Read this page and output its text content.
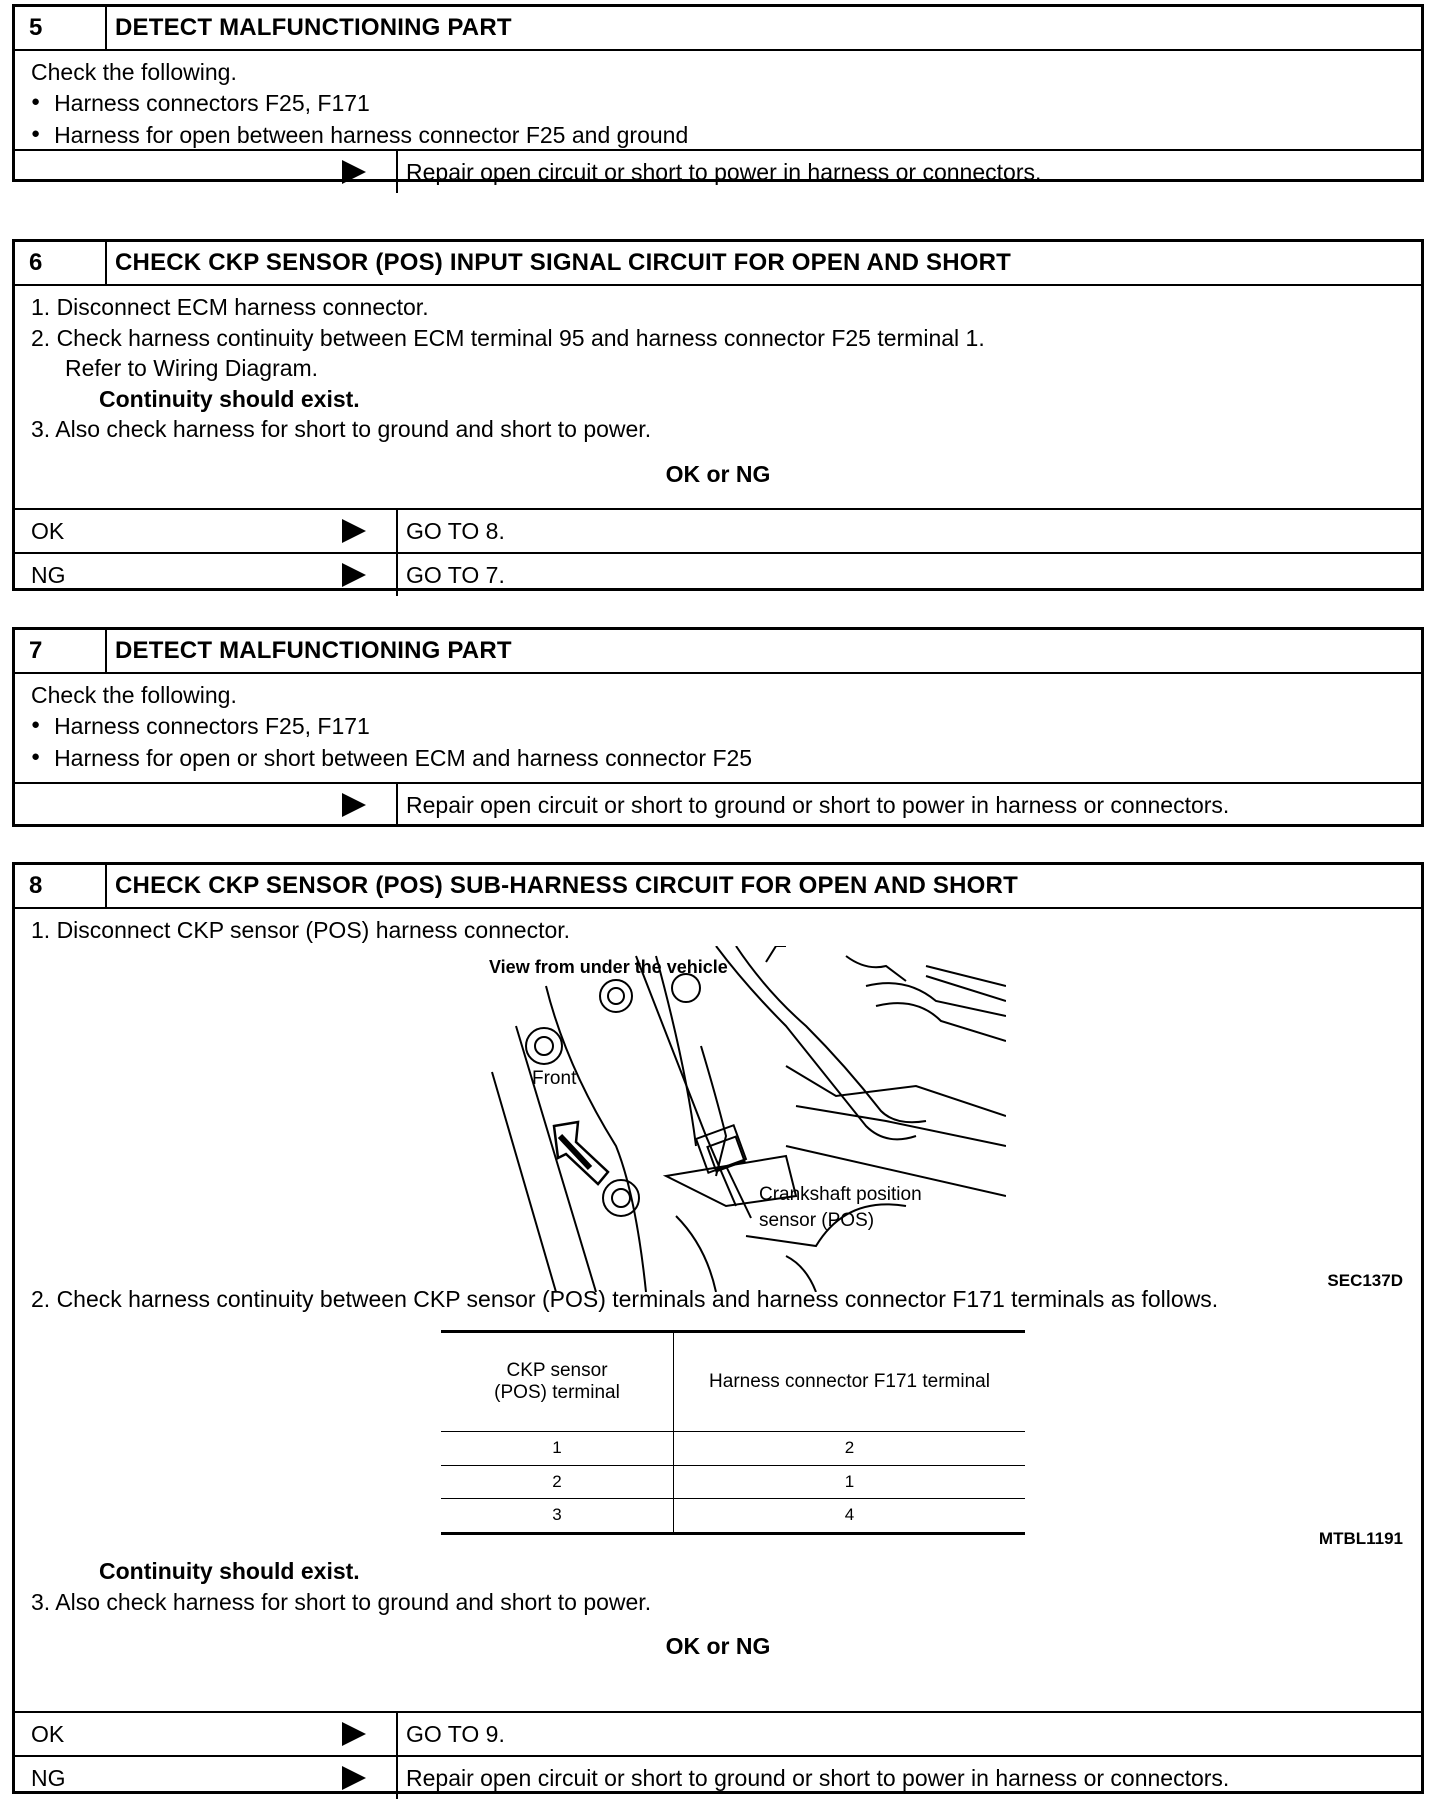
5	DETECT MALFUNCTIONING PART
Check the following.
● Harness connectors F25, F171
● Harness for open between harness connector F25 and ground
Repair open circuit or short to power in harness or connectors.
6	CHECK CKP SENSOR (POS) INPUT SIGNAL CIRCUIT FOR OPEN AND SHORT
1. Disconnect ECM harness connector.
2. Check harness continuity between ECM terminal 95 and harness connector F25 terminal 1.
Refer to Wiring Diagram.
Continuity should exist.
3. Also check harness for short to ground and short to power.
OK or NG
OK	GO TO 8.
NG	GO TO 7.
7	DETECT MALFUNCTIONING PART
Check the following.
● Harness connectors F25, F171
● Harness for open or short between ECM and harness connector F25
Repair open circuit or short to ground or short to power in harness or connectors.
8	CHECK CKP SENSOR (POS) SUB-HARNESS CIRCUIT FOR OPEN AND SHORT
1. Disconnect CKP sensor (POS) harness connector.
View from under the vehicle
Front
Crankshaft position
sensor (POS)
SEC137D
2. Check harness continuity between CKP sensor (POS) terminals and harness connector F171 terminals as follows.
CKP sensor
(POS) terminal	Harness connector F171 terminal
1	2
2	1
3	4
MTBL1191
Continuity should exist.
3. Also check harness for short to ground and short to power.
OK or NG
OK	GO TO 9.
NG	Repair open circuit or short to ground or short to power in harness or connectors.
